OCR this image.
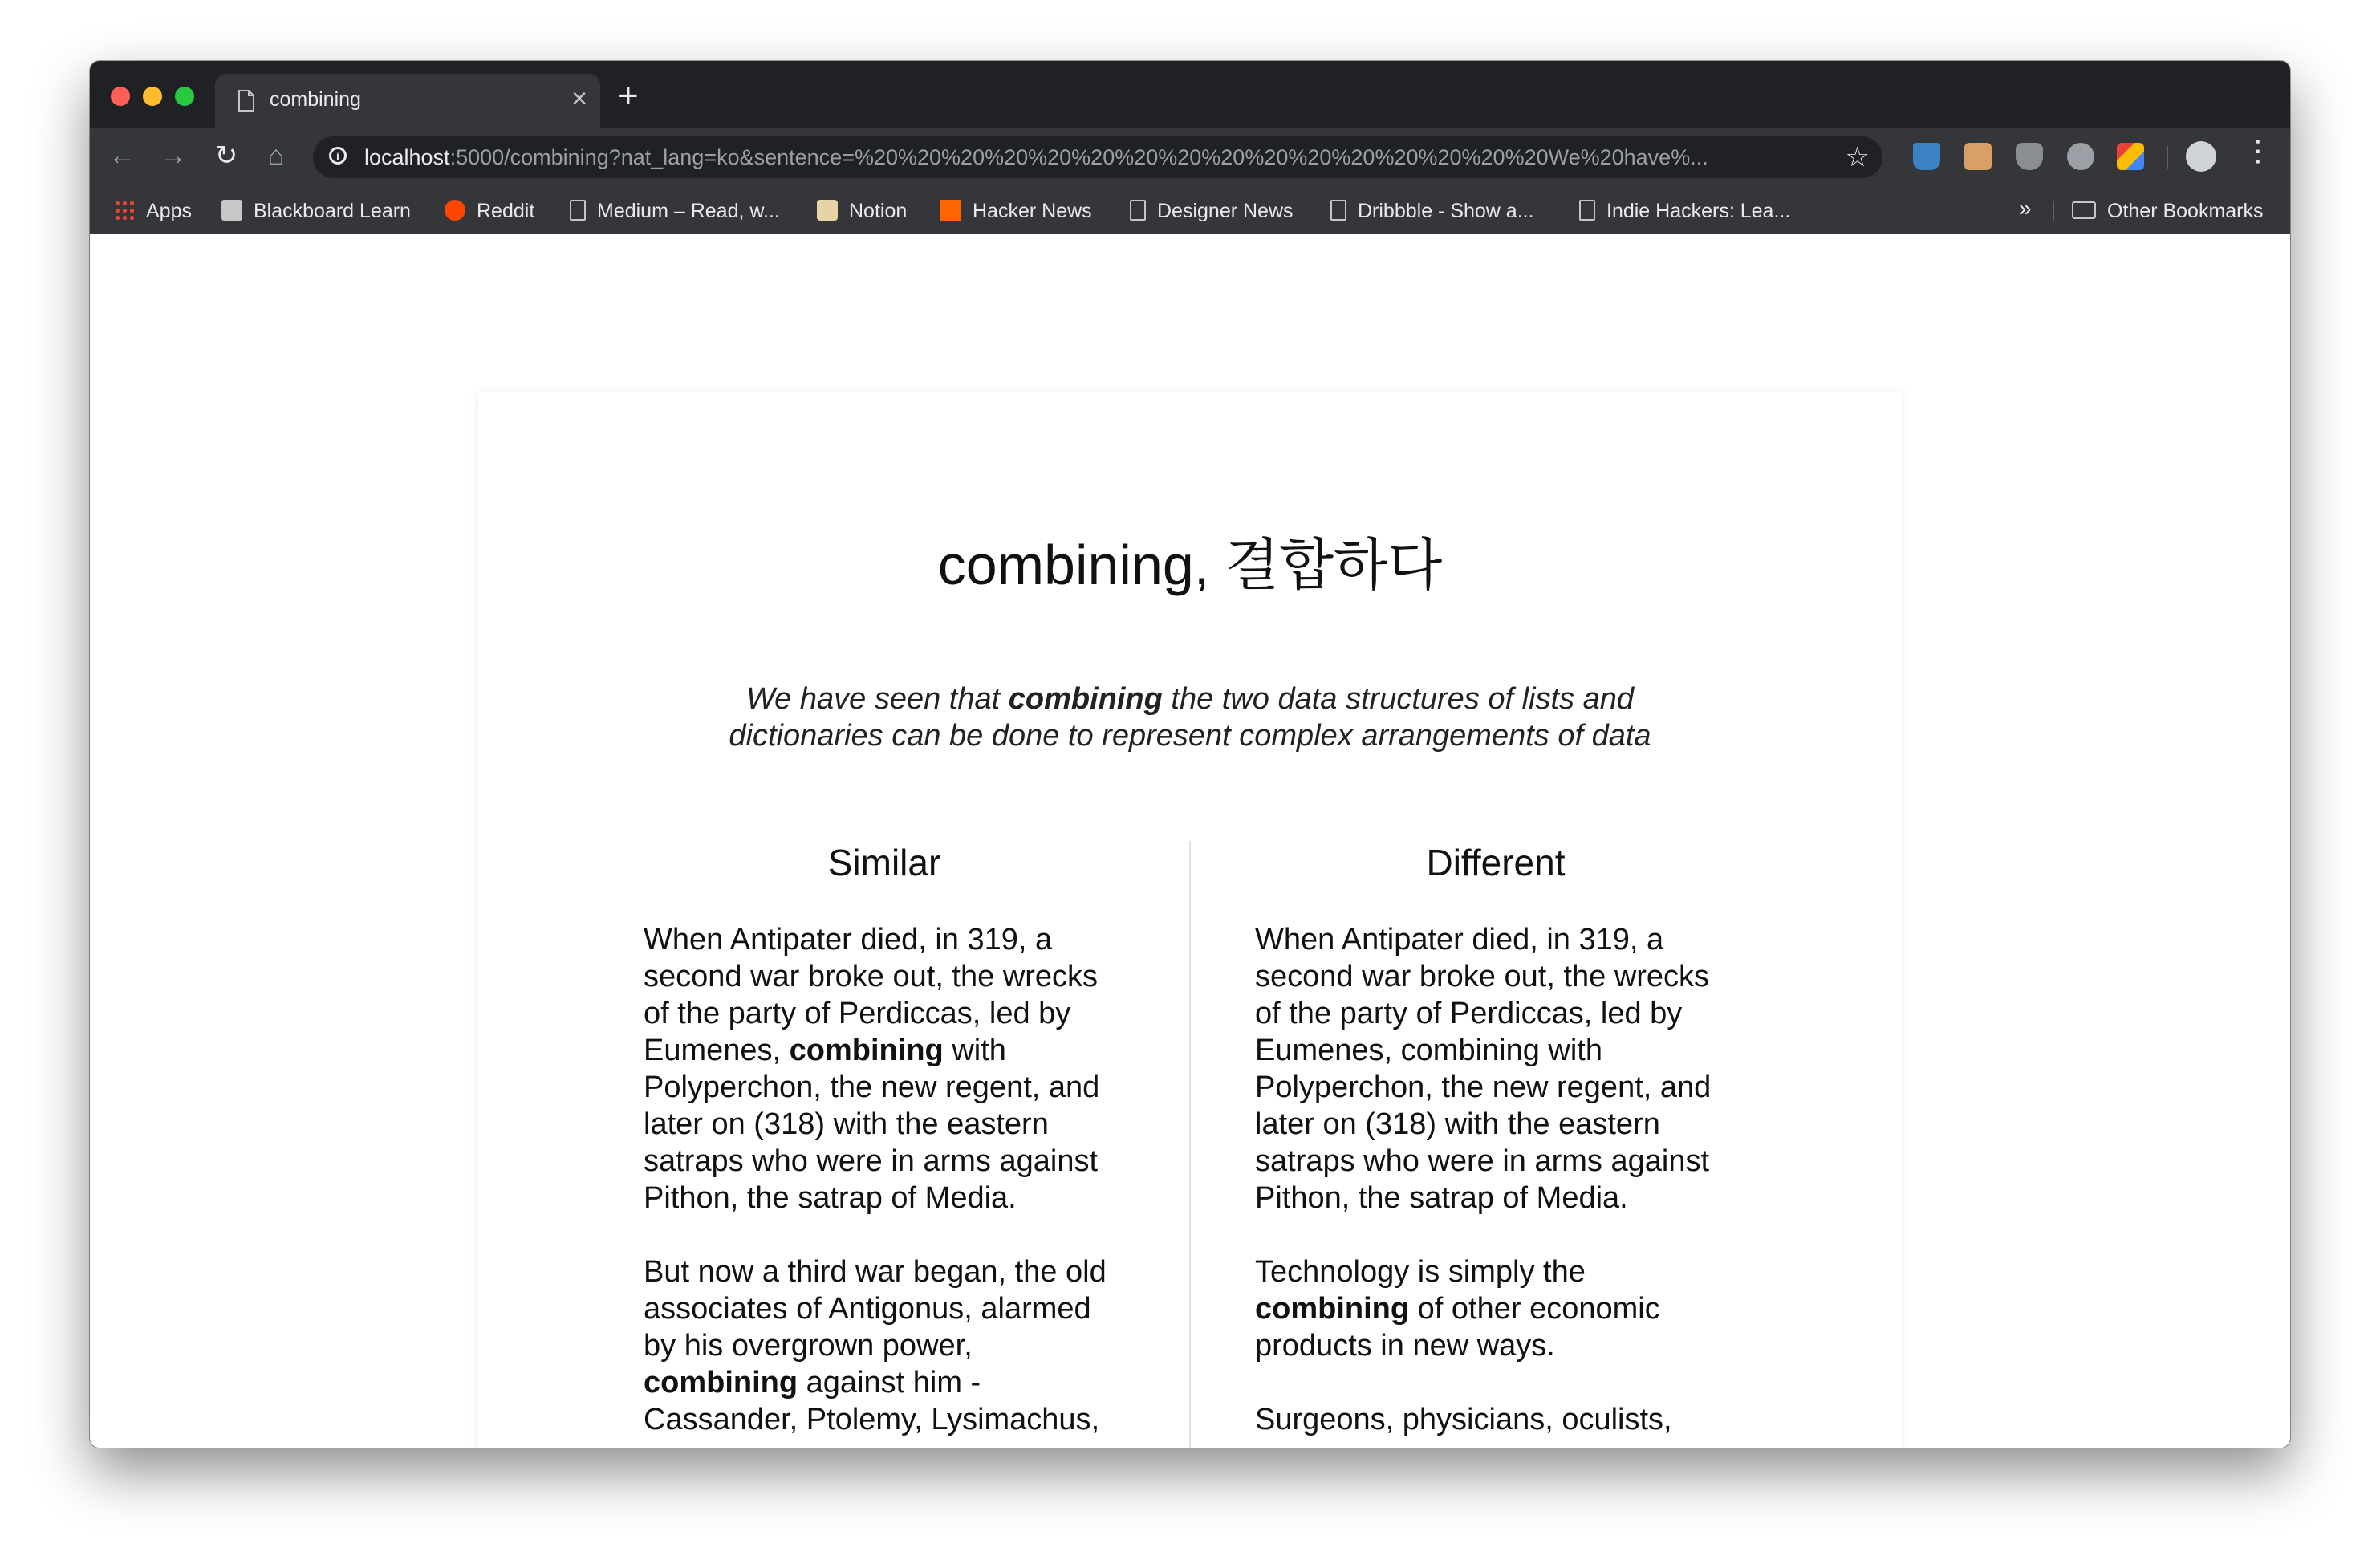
combining	× +
← → ↻ ⌂	i	localhost:5000/combining?nat_lang=ko&sentence=%20%20%20%20%20%20%20%20%20%20%20%20%20%20%20%20We%20have%...	☆	⋮
Apps	Blackboard Learn	Reddit	Medium – Read, w...	Notion	Hacker News	Designer News	Dribbble - Show a...	Indie Hackers: Lea...	»	Other Bookmarks
combining, 결합하다

We have seen that combining the two data structures of lists and dictionaries can be done to represent complex arrangements of data

Similar

When Antipater died, in 319, a second war broke out, the wrecks of the party of Perdiccas, led by Eumenes, combining with Polyperchon, the new regent, and later on (318) with the eastern satraps who were in arms against Pithon, the satrap of Media.

But now a third war began, the old associates of Antigonus, alarmed by his overgrown power, combining against him - Cassander, Ptolemy, Lysimachus,

Different

When Antipater died, in 319, a second war broke out, the wrecks of the party of Perdiccas, led by Eumenes, combining with Polyperchon, the new regent, and later on (318) with the eastern satraps who were in arms against Pithon, the satrap of Media.

Technology is simply the combining of other economic products in new ways.

Surgeons, physicians, oculists,
